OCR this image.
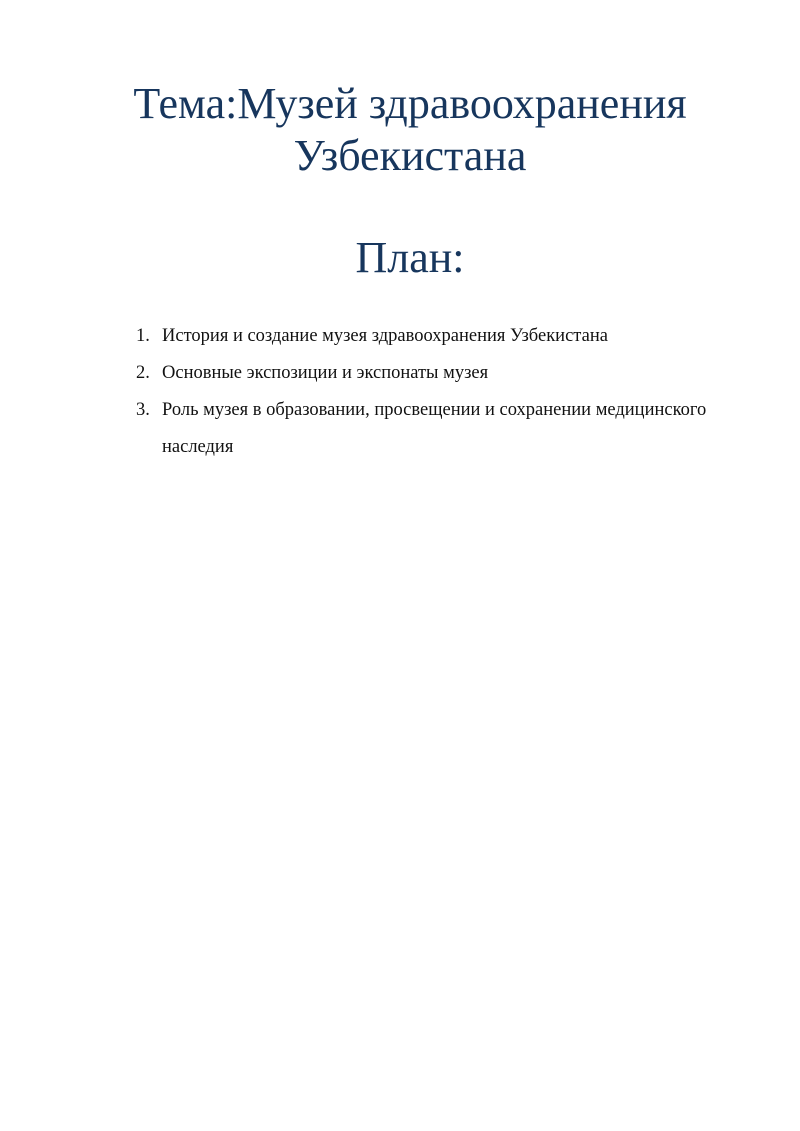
Тема:Музей здравоохранения
Узбекистана
План:
1. История и создание музея здравоохранения Узбекистана
2. Основные экспозиции и экспонаты музея
3. Роль музея в образовании, просвещении и сохранении медицинского наследия
